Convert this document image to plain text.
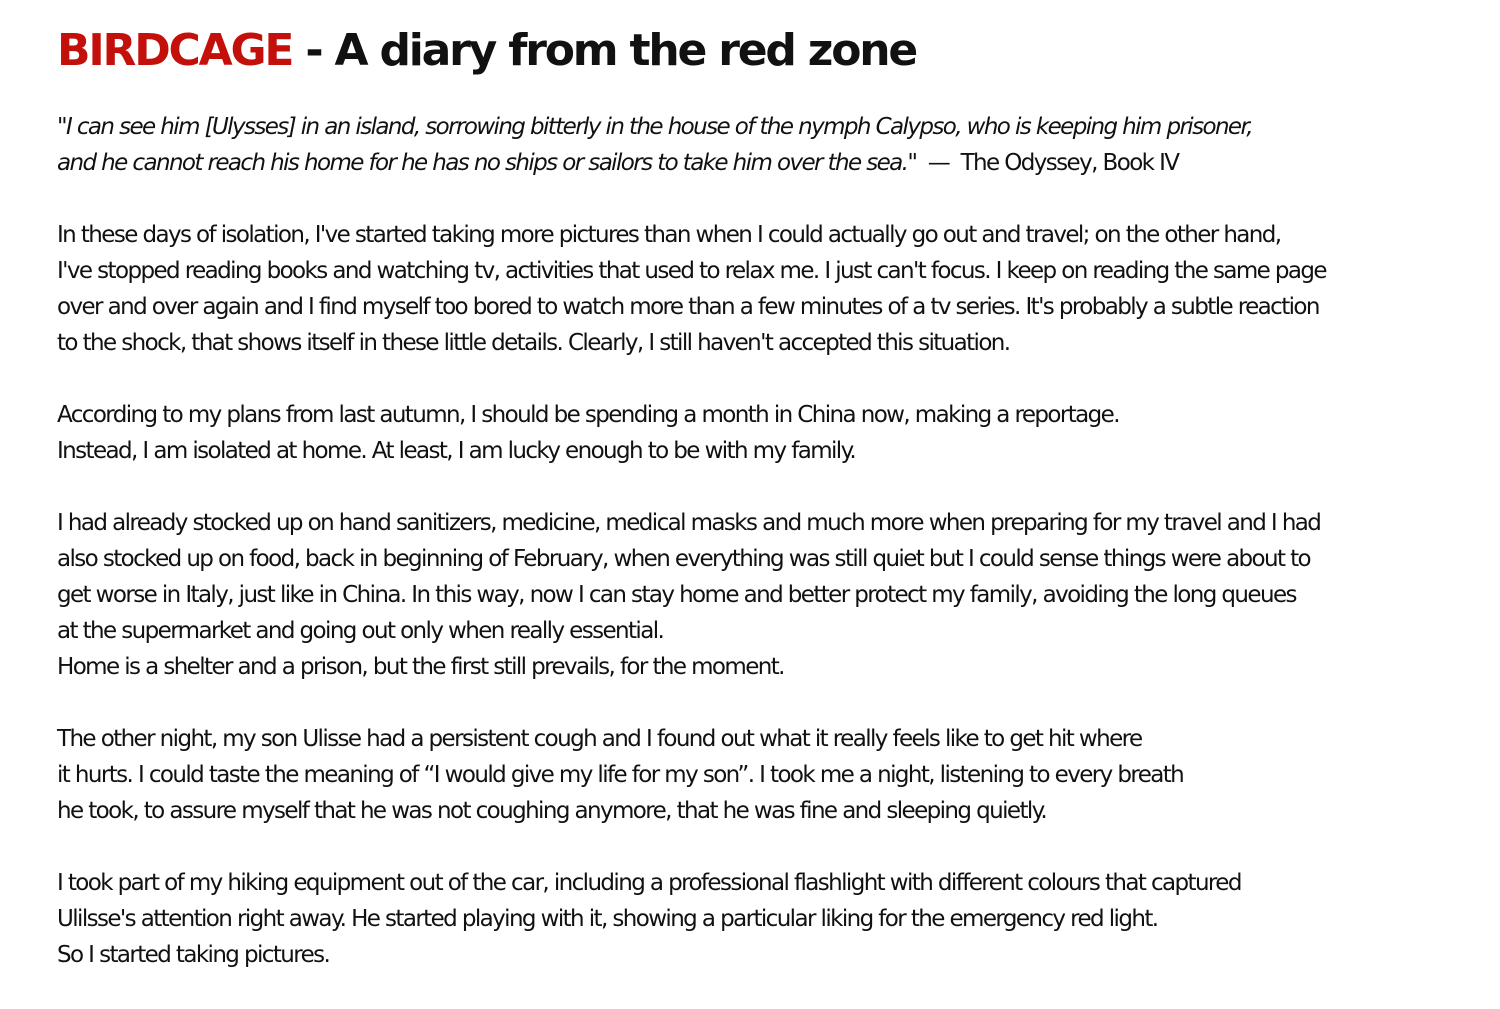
BIRDCAGE - A diary from the red zone

"I can see him [Ulysses] in an island, sorrowing bitterly in the house of the nymph Calypso, who is keeping him prisoner,
and he cannot reach his home for he has no ships or sailors to take him over the sea."  —  The Odyssey, Book IV

In these days of isolation, I've started taking more pictures than when I could actually go out and travel; on the other hand,
I've stopped reading books and watching tv, activities that used to relax me. I just can't focus. I keep on reading the same page
over and over again and I find myself too bored to watch more than a few minutes of a tv series. It's probably a subtle reaction
to the shock, that shows itself in these little details. Clearly, I still haven't accepted this situation.

According to my plans from last autumn, I should be spending a month in China now, making a reportage.
Instead, I am isolated at home. At least, I am lucky enough to be with my family.

I had already stocked up on hand sanitizers, medicine, medical masks and much more when preparing for my travel and I had
also stocked up on food, back in beginning of February, when everything was still quiet but I could sense things were about to
get worse in Italy, just like in China. In this way, now I can stay home and better protect my family, avoiding the long queues
at the supermarket and going out only when really essential.
Home is a shelter and a prison, but the first still prevails, for the moment.

The other night, my son Ulisse had a persistent cough and I found out what it really feels like to get hit where
it hurts. I could taste the meaning of “I would give my life for my son”. I took me a night, listening to every breath
he took, to assure myself that he was not coughing anymore, that he was fine and sleeping quietly.

I took part of my hiking equipment out of the car, including a professional flashlight with different colours that captured
Ulilsse's attention right away. He started playing with it, showing a particular liking for the emergency red light.
So I started taking pictures.
